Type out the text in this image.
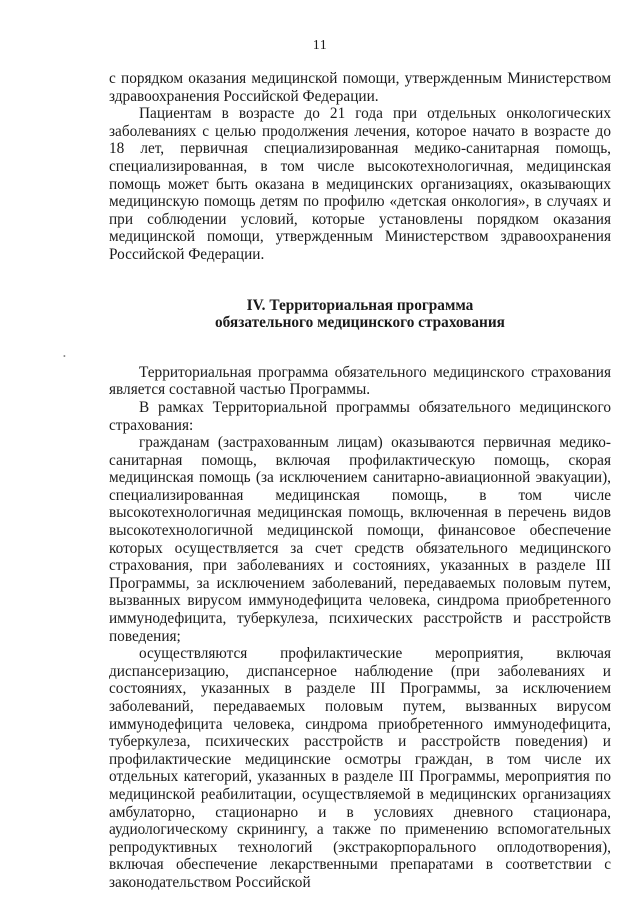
11
•

с порядком оказания медицинской помощи, утвержденным Министерством здравоохранения Российской Федерации.

Пациентам в возрасте до 21 года при отдельных онкологических заболеваниях с целью продолжения лечения, которое начато в возрасте до 18 лет, первичная специализированная медико-санитарная помощь, специализированная, в том числе высокотехнологичная, медицинская помощь может быть оказана в медицинских организациях, оказывающих медицинскую помощь детям по профилю «детская онкология», в случаях и при соблюдении условий, которые установлены порядком оказания медицинской помощи, утвержденным Министерством здравоохранения Российской Федерации.

IV. Территориальная программа

обязательного медицинского страхования

Территориальная программа обязательного медицинского страхования является составной частью Программы.

В рамках Территориальной программы обязательного медицинского страхования:

гражданам (застрахованным лицам) оказываются первичная медико-санитарная помощь, включая профилактическую помощь, скорая медицинская помощь (за исключением санитарно-авиационной эвакуации), специализированная медицинская помощь, в том числе высокотехнологичная медицинская помощь, включенная в перечень видов высокотехнологичной медицинской помощи, финансовое обеспечение которых осуществляется за счет средств обязательного медицинского страхования, при заболеваниях и состояниях, указанных в разделе III Программы, за исключением заболеваний, передаваемых половым путем, вызванных вирусом иммунодефицита человека, синдрома приобретенного иммунодефицита, туберкулеза, психических расстройств и расстройств поведения;

осуществляются профилактические мероприятия, включая диспансеризацию, диспансерное наблюдение (при заболеваниях и состояниях, указанных в разделе III Программы, за исключением заболеваний, передаваемых половым путем, вызванных вирусом иммунодефицита человека, синдрома приобретенного иммунодефицита, туберкулеза, психических расстройств и расстройств поведения) и профилактические медицинские осмотры граждан, в том числе их отдельных категорий, указанных в разделе III Программы, мероприятия по медицинской реабилитации, осуществляемой в медицинских организациях амбулаторно, стационарно и в условиях дневного стационара, аудиологическому скринингу, а также по применению вспомогательных репродуктивных технологий (экстракорпорального оплодотворения), включая обеспечение лекарственными препаратами в соответствии с законодательством Российской
